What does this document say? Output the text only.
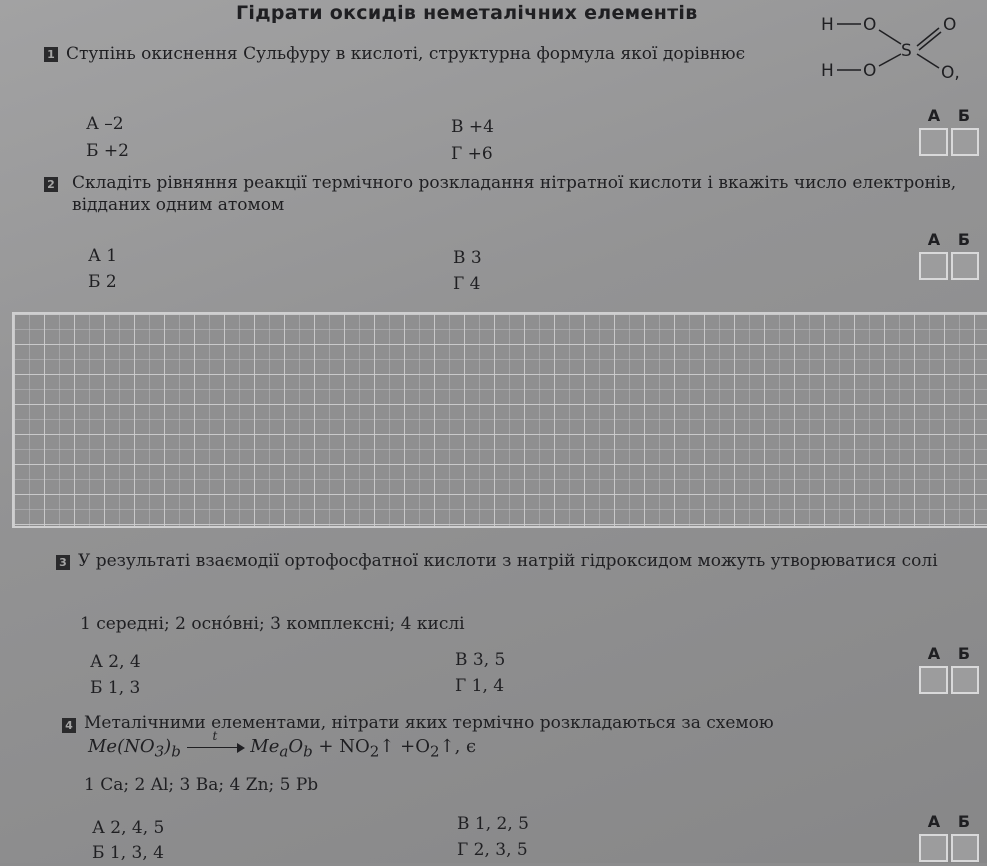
Гідрати оксидів неметалічних елементів
H O
H O
S
O
O,
1 Ступінь окиснення Сульфуру в кислоті, структурна формула якої дорівнює
А –2	В +4
Б +2	Г +6
А	Б
2 Складіть рівняння реакції термічного розкладання нітратної кислоти і вкажіть число електронів, відданих одним атомом
А 1	В 3
Б 2	Г 4
А	Б
3 У результаті взаємодії ортофосфатної кислоти з натрій гідроксидом можуть утворюватися солі
1 середні; 2 осно́вні; 3 комплексні; 4 кислі
А 2, 4	В 3, 5
Б 1, 3	Г 1, 4
А	Б
4 Металічними елементами, нітрати яких термічно розкладаються за схемою
$Me(NO_3)_b$
t $Me_aO_b$ + $NO_2↑$ $+O_2↑$, є
1 Ca; 2 Al; 3 Ba; 4 Zn; 5 Pb
А 2, 4, 5	В 1, 2, 5
Б 1, 3, 4	Г 2, 3, 5
А	Б
